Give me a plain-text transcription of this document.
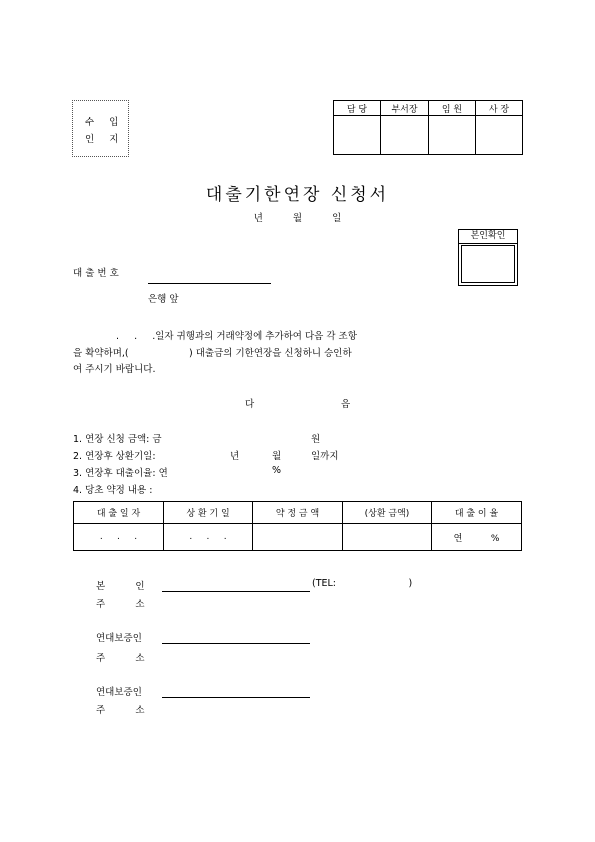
수 입
인 지
담 당	부서장	임 원	사 장

대출기한연장 신청서
년	월	일
본인확인
대 출 번 호
은행 앞
.     .     .일자 귀행과의 거래약정에 추가하여 다음 각 조항
을 확약하며,(                    ) 대출금의 기한연장을 신청하니 승인하
여 주시기 바랍니다.
다	음
1. 연장 신청 금액: 금	원
2. 연장후 상환기일:	년	월	일까지
3. 연장후 대출이율: 연	%
4. 당초 약정 내용 :
대 출 일 자	상 환 기 일	약 정 금 액	(상환 금액)	대 출 이 율
.     .     .	.     .     .			연          %
본          인	(TEL:                        )
주          소
연대보증인
주          소
연대보증인
주          소
